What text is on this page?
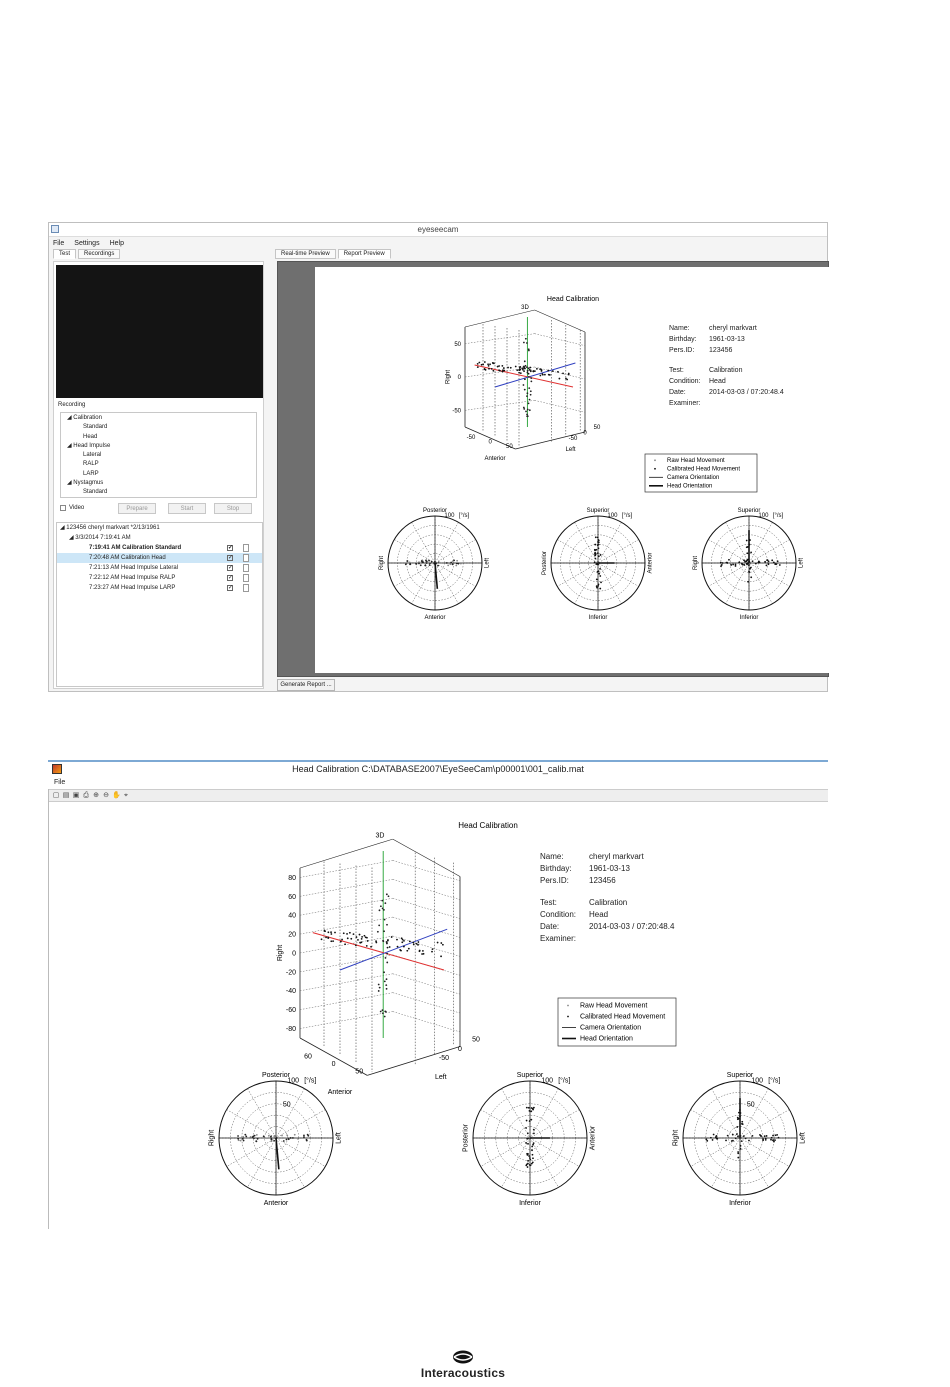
eyeseecam
File Settings Help
Test	Recordings	Real-time Preview	Report Preview
Recording
◢ Calibration
Standard
Head
◢ Head Impulse
Lateral
RALP
LARP
◢ Nystagmus
Standard
Video	Prepare	Start	Stop
◢ 123456 cheryl markvart *2/13/1961
◢ 3/3/2014 7:19:41 AM
7:19:41 AM Calibration Standard	✓
7:20:48 AM Calibration Head	✓
7:21:13 AM Head Impulse Lateral	✓
7:22:12 AM Head Impulse RALP	✓
7:23:27 AM Head Impulse LARP	✓
Head Calibration
50
0
-50
3D
Right
-50
0
50
Anterior
50
0
-50
Left
Raw Head Movement
Calibrated Head Movement
Camera Orientation
Head Orientation
Posterior
Anterior
Right	Left
100 [°/s]
Superior
Inferior
Posterior	Anterior
100 [°/s]
Superior
Inferior
Right	Left
100 [°/s]
Name:	cheryl markvart
Birthday: 1961-03-13
Pers.ID: 123456
Test:	Calibration
Condition: Head
Date:	2014-03-03 / 07:20:48.4
Examiner:
Generate Report ...
Head Calibration C:\DATABASE2007\EyeSeeCam\p00001\001_calib.mat
File
▢ ▤ ▣ ⎙ ⊕ ⊖ ✋ ⌖
Head Calibration
80
60
40
20
0
-20
-40
-60
-80
3D
Right
60
0
50
Anterior
50
0
-50
Left
Raw Head Movement
Calibrated Head Movement
Camera Orientation
Head Orientation
Posterior
Anterior
Right	Left
100 [°/s]
50
Superior
Inferior
Posterior	Anterior
100 [°/s]
Superior
Inferior
Right	Left
100 [°/s]
50
Name:	cheryl markvart
Birthday: 1961-03-13
Pers.ID:	123456
Test:	Calibration
Condition: Head
Date:	2014-03-03 / 07:20:48.4
Examiner:
Interacoustics
